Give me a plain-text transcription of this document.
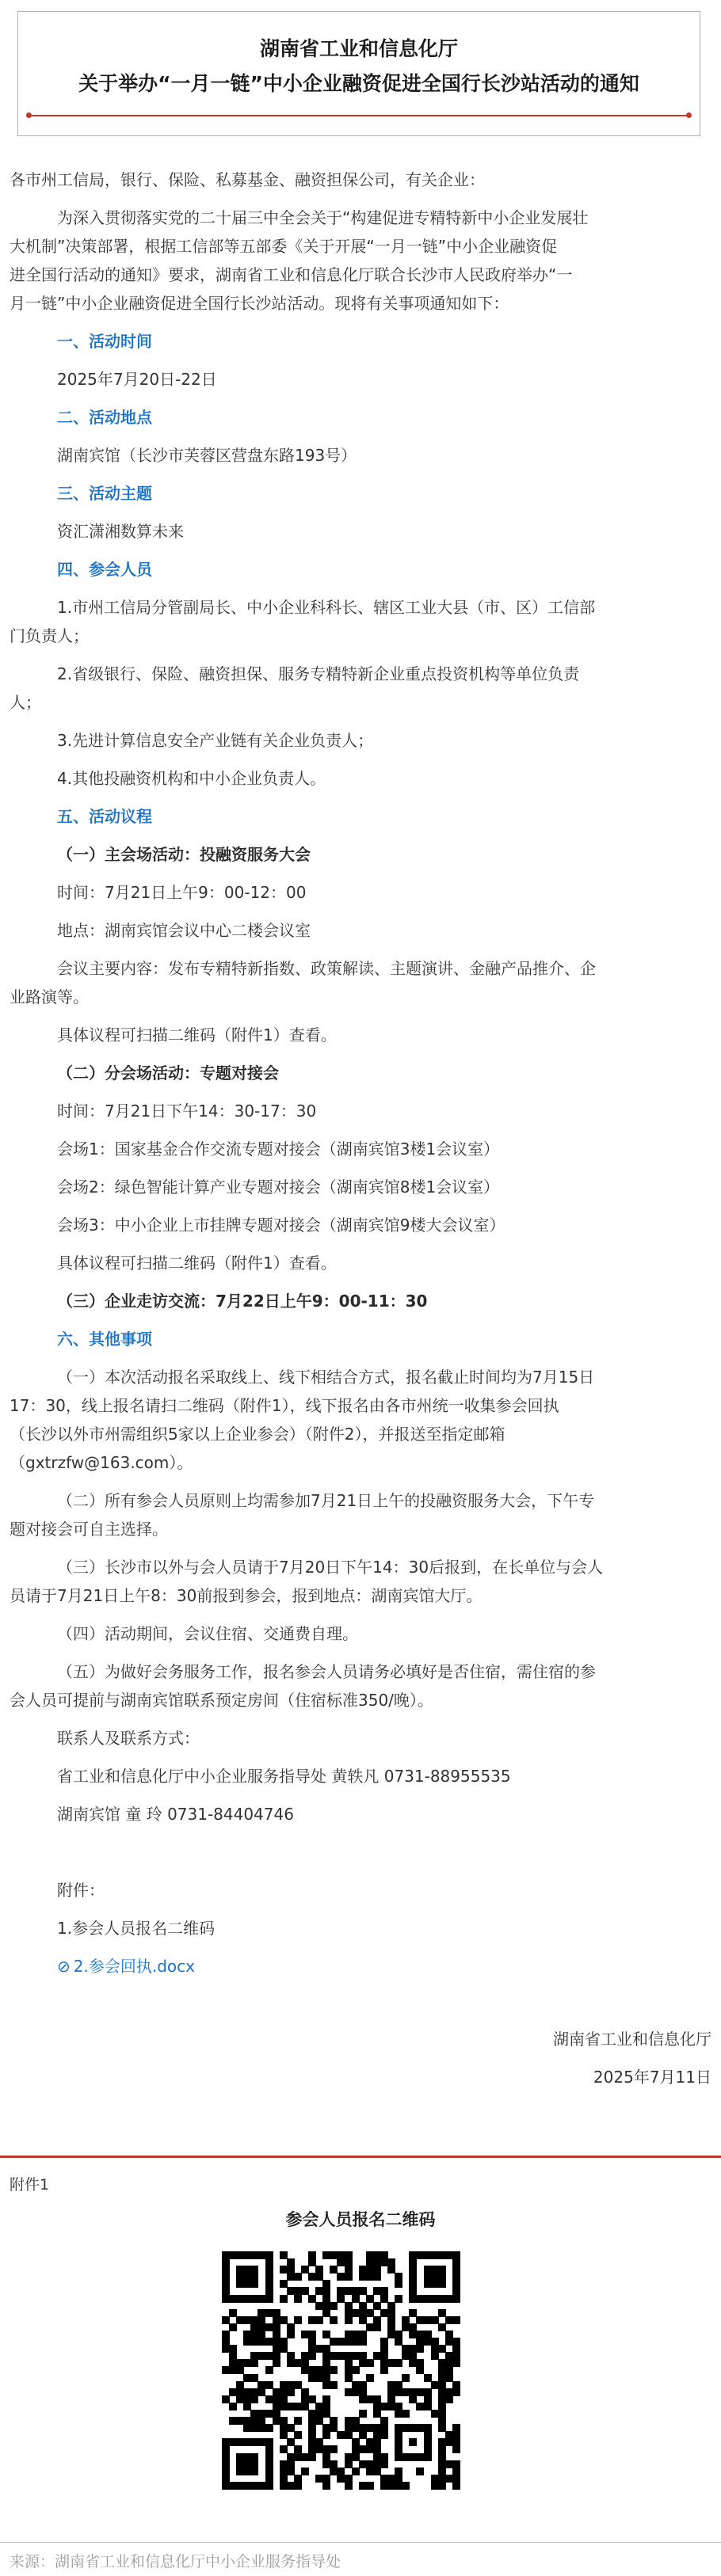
湖南省工业和信息化厅
关于举办“一月一链”中小企业融资促进全国行长沙站活动的通知
各市州工信局，银行、保险、私募基金、融资担保公司，有关企业：
为深入贯彻落实党的二十届三中全会关于“构建促进专精特新中小企业发展壮
大机制”决策部署，根据工信部等五部委《关于开展“一月一链”中小企业融资促
进全国行活动的通知》要求，湖南省工业和信息化厅联合长沙市人民政府举办“一
月一链”中小企业融资促进全国行长沙站活动。现将有关事项通知如下：
一、活动时间
2025年7月20日-22日
二、活动地点
湖南宾馆（长沙市芙蓉区营盘东路193号）
三、活动主题
资汇潇湘数算未来
四、参会人员
1.市州工信局分管副局长、中小企业科科长、辖区工业大县（市、区）工信部
门负责人；
2.省级银行、保险、融资担保、服务专精特新企业重点投资机构等单位负责
人；
3.先进计算信息安全产业链有关企业负责人；
4.其他投融资机构和中小企业负责人。
五、活动议程
（一）主会场活动：投融资服务大会
时间：7月21日上午9：00-12：00
地点：湖南宾馆会议中心二楼会议室
会议主要内容：发布专精特新指数、政策解读、主题演讲、金融产品推介、企
业路演等。
具体议程可扫描二维码（附件1）查看。
（二）分会场活动：专题对接会
时间：7月21日下午14：30-17：30
会场1：国家基金合作交流专题对接会（湖南宾馆3楼1会议室）
会场2：绿色智能计算产业专题对接会（湖南宾馆8楼1会议室）
会场3：中小企业上市挂牌专题对接会（湖南宾馆9楼大会议室）
具体议程可扫描二维码（附件1）查看。
（三）企业走访交流：7月22日上午9：00-11：30
六、其他事项
（一）本次活动报名采取线上、线下相结合方式，报名截止时间均为7月15日
17：30，线上报名请扫二维码（附件1），线下报名由各市州统一收集参会回执
（长沙以外市州需组织5家以上企业参会）（附件2），并报送至指定邮箱
（gxtrzfw@163.com）。
（二）所有参会人员原则上均需参加7月21日上午的投融资服务大会，下午专
题对接会可自主选择。
（三）长沙市以外与会人员请于7月20日下午14：30后报到，在长单位与会人
员请于7月21日上午8：30前报到参会，报到地点：湖南宾馆大厅。
（四）活动期间，会议住宿、交通费自理。
（五）为做好会务服务工作，报名参会人员请务必填好是否住宿，需住宿的参
会人员可提前与湖南宾馆联系预定房间（住宿标准350/晚）。
联系人及联系方式：
省工业和信息化厅中小企业服务指导处 黄轶凡 0731-88955535
湖南宾馆 童 玲 0731-84404746
附件：
1.参会人员报名二维码
⊘ 2.参会回执.docx
湖南省工业和信息化厅
2025年7月11日
附件1
参会人员报名二维码
来源：湖南省工业和信息化厅中小企业服务指导处
